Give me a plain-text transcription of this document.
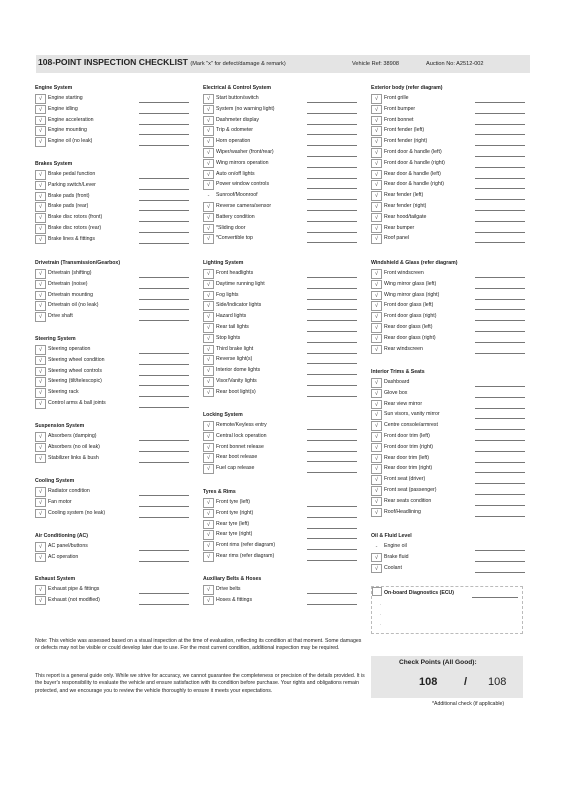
108-POINT INSPECTION CHECKLIST (Mark "x" for defect/damage & remark)	Vehicle Ref: 38908	Auction No: A2512-002
On-board Diagnostics (ECU)
.
.
.
Note: This vehicle was assessed based on a visual inspection at the time of evaluation, reflecting its condition at that moment. Some damages or defects may not be visible or could develop later due to use. For the most current condition, additional inspection may be required.
This report is a general guide only. While we strive for accuracy, we cannot guarantee the completeness or precision of the details provided. It is the buyer's responsibility to evaluate the vehicle and ensure satisfaction with its condition before purchase. Your rights and obligations remain protected, and we encourage you to review the vehicle thoroughly to ensure it meets your expectations.
Check Points (All Good):
108 / 108
*Additional check (if applicable)
Engine System
√	Engine starting
√	Engine idling
√	Engine acceleration
√	Engine mounting
√	Engine oil (no leak)
Brakes System
√	Brake pedal function
√	Parking switch/Lever
√	Brake pads (front)
√	Brake pads (rear)
√	Brake disc rotors (front)
√	Brake disc rotors (rear)
√	Brake lines & fittings
Drivetrain (Transmission/Gearbox)
√	Drivetrain (shifting)
√	Drivetrain (noise)
√	Drivetrain mounting
√	Drivetrain oil (no leak)
√	Drive shaft
Steering System
√	Steering operation
√	Steering wheel condition
√	Steering wheel controls
√	Steering (tilt/telescopic)
√	Steering rack
√	Control arms & ball joints
Suspension System
√	Absorbers (damping)
√	Absorbers (no oil leak)
√	Stabilizer links & bush
Cooling System
√	Radiator condition
√	Fan motor
√	Cooling system (no leak)
Air Conditioning (AC)
√	AC panel/buttons
√	AC operation
Exhaust System
√	Exhaust pipe & fittings
√	Exhaust (not modified)
Electrical & Control System
√	Start button/switch
√	System (no warning light)
√	Dashmeter display
√	Trip & odometer
√	Horn operation
√	Wiper/washer (front/rear)
√	Wing mirrors operation
√	Auto on/off lights
√	Power window controls
-	Sunroof/Moonroof
√	Reverse camera/sensor
√	Battery condition
√	*Sliding door
√	*Convertible top
Lighting System
√	Front headlights
√	Daytime running light
√	Fog lights
√	Side/Indicator lights
√	Hazard lights
√	Rear tail lights
√	Stop lights
√	Third brake light
√	Reverse light(s)
√	Interior dome lights
√	Visor/Vanity lights
√	Rear boot light(s)
Locking System
√	Remote/Keyless entry
√	Central lock operation
√	Front bonnet release
√	Rear boot release
√	Fuel cap release
Tyres & Rims
√	Front tyre (left)
√	Front tyre (right)
√	Rear tyre (left)
√	Rear tyre (right)
√	Front rims (refer diagram)
√	Rear rims (refer diagram)
Auxiliary Belts & Hoses
√	Drive belts
√	Hoses & fittings
Exterior body (refer diagram)
√	Front grille
√	Front bumper
√	Front bonnet
√	Front fender (left)
√	Front fender (right)
√	Front door & handle (left)
√	Front door & handle (right)
√	Rear door & handle (left)
√	Rear door & handle (right)
√	Rear fender (left)
√	Rear fender (right)
√	Rear hood/tailgate
√	Rear bumper
√	Roof panel
Windshield & Glass (refer diagram)
√	Front windscreen
√	Wing mirror glass (left)
√	Wing mirror glass (right)
√	Front door glass (left)
√	Front door glass (right)
√	Rear door glass (left)
√	Rear door glass (right)
√	Rear windscreen
Interior Trims & Seats
√	Dashboard
√	Glove box
√	Rear view mirror
√	Sun visors, vanity mirror
√	Centre console/armrest
√	Front door trim (left)
√	Front door trim (right)
√	Rear door trim (left)
√	Rear door trim (right)
√	Front seat (driver)
√	Front seat (passenger)
√	Rear seats condition
√	Roof/Headlining
Oil & Fluid Level
-	Engine oil
√	Brake fluid
√	Coolant
